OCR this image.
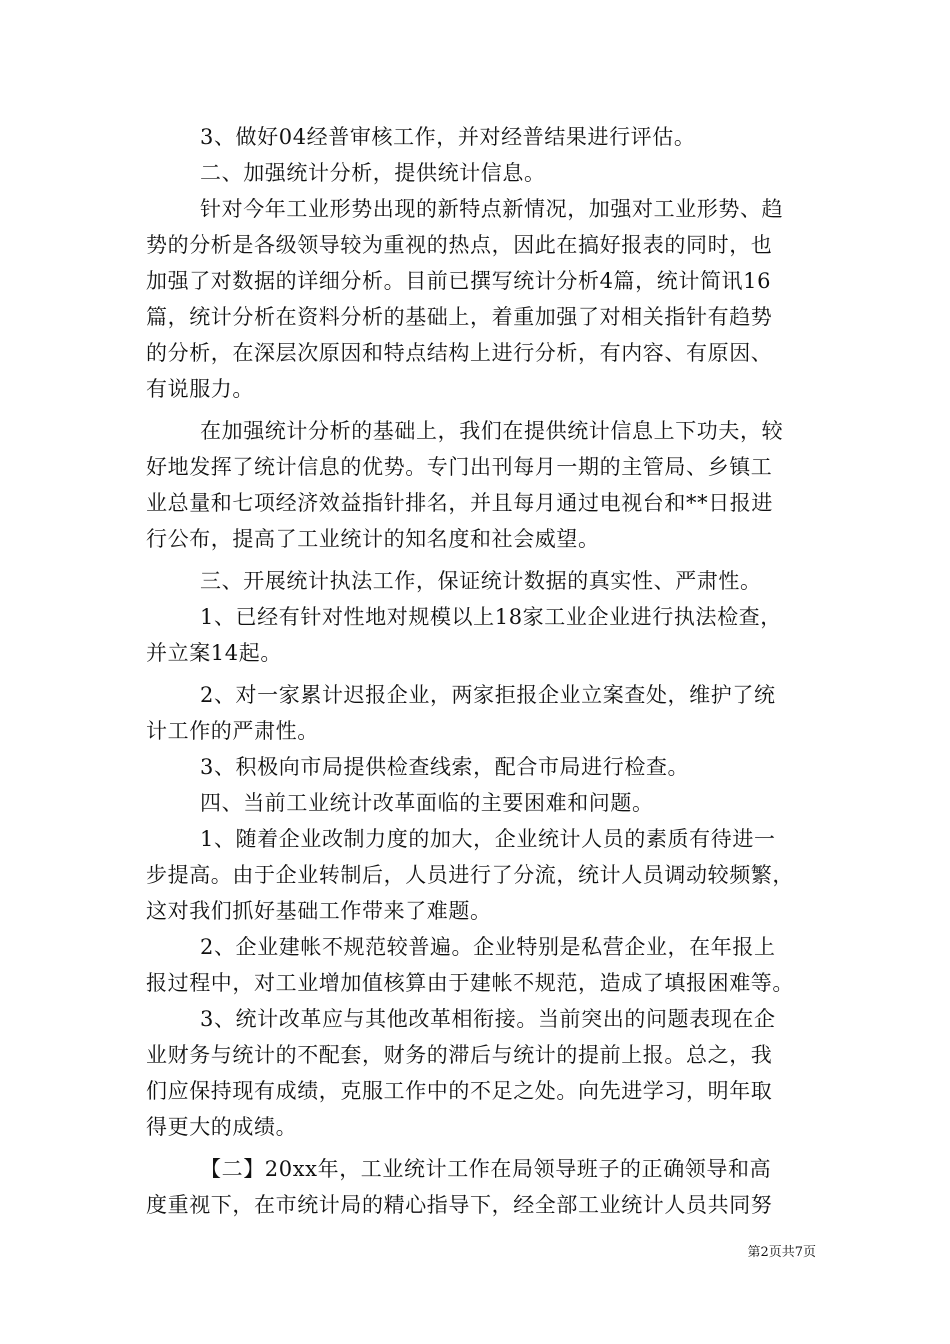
3、做好04经普审核工作，并对经普结果进行评估。
二、加强统计分析，提供统计信息。
针对今年工业形势出现的新特点新情况，加强对工业形势、趋
势的分析是各级领导较为重视的热点，因此在搞好报表的同时，也
加强了对数据的详细分析。目前已撰写统计分析4篇，统计简讯16
篇，统计分析在资料分析的基础上，着重加强了对相关指针有趋势
的分析，在深层次原因和特点结构上进行分析，有内容、有原因、
有说服力。
在加强统计分析的基础上，我们在提供统计信息上下功夫，较
好地发挥了统计信息的优势。专门出刊每月一期的主管局、乡镇工
业总量和七项经济效益指针排名，并且每月通过电视台和**日报进
行公布，提高了工业统计的知名度和社会威望。
三、开展统计执法工作，保证统计数据的真实性、严肃性。
1、已经有针对性地对规模以上18家工业企业进行执法检查，
并立案14起。
2、对一家累计迟报企业，两家拒报企业立案查处，维护了统
计工作的严肃性。
3、积极向市局提供检查线索，配合市局进行检查。
四、当前工业统计改革面临的主要困难和问题。
1、随着企业改制力度的加大，企业统计人员的素质有待进一
步提高。由于企业转制后，人员进行了分流，统计人员调动较频繁，
这对我们抓好基础工作带来了难题。
2、企业建帐不规范较普遍。企业特别是私营企业，在年报上
报过程中，对工业增加值核算由于建帐不规范，造成了填报困难等。
3、统计改革应与其他改革相衔接。当前突出的问题表现在企
业财务与统计的不配套，财务的滞后与统计的提前上报。总之，我
们应保持现有成绩，克服工作中的不足之处。向先进学习，明年取
得更大的成绩。
【二】20xx年，工业统计工作在局领导班子的正确领导和高
度重视下，在市统计局的精心指导下，经全部工业统计人员共同努
第2页共7页
